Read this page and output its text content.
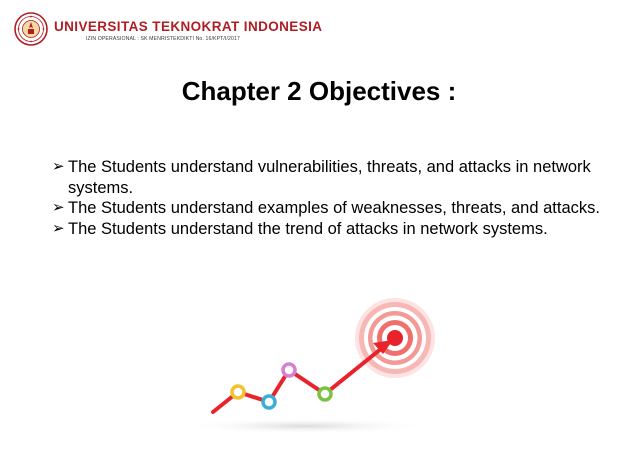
UNIVERSITAS TEKNOKRAT INDONESIA
IZIN OPERASIONAL : SK MENRISTEKDIKTI No. 16/KPT/I/2017
Chapter 2 Objectives :
➢ The Students understand vulnerabilities, threats, and attacks in network systems.
➢ The Students understand examples of weaknesses, threats, and attacks.
➢ The Students understand the trend of attacks in network systems.
